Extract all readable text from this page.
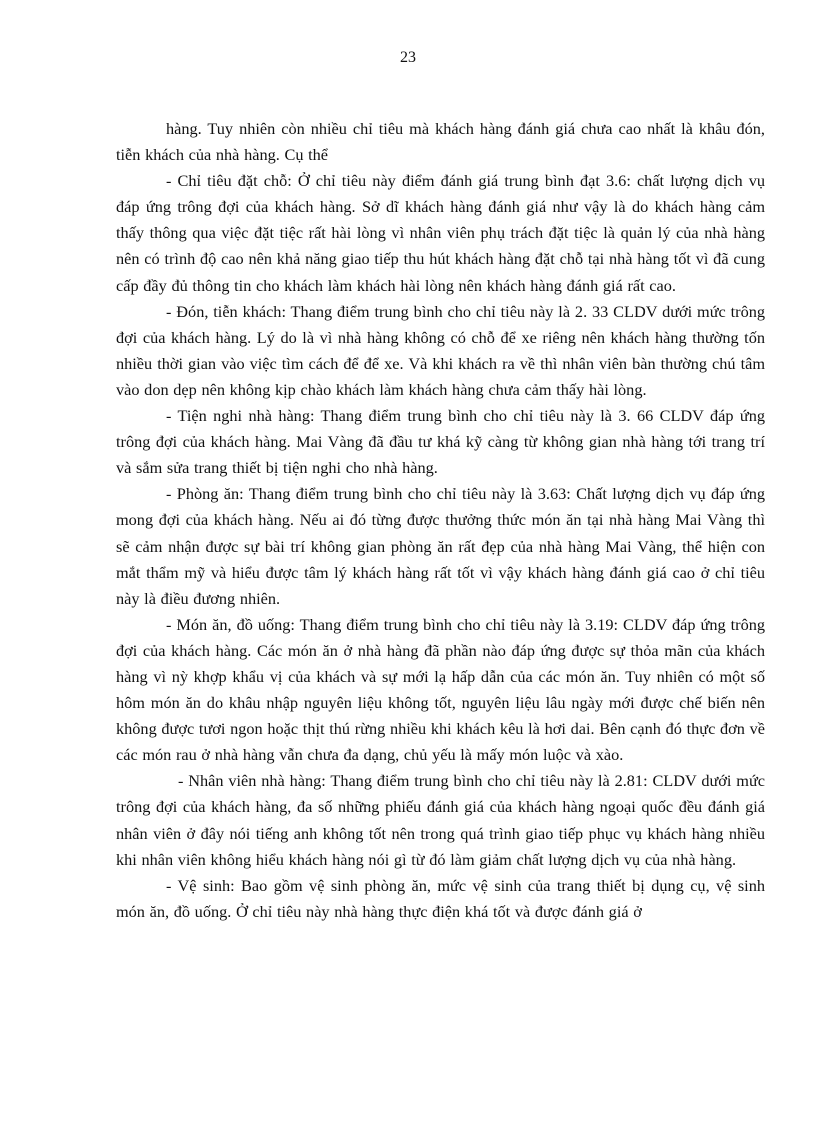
23

hàng. Tuy nhiên còn nhiều chỉ tiêu mà khách hàng đánh giá chưa cao nhất là khâu đón, tiễn khách của nhà hàng. Cụ thể

- Chỉ tiêu đặt chỗ: Ở chỉ tiêu này điểm đánh giá trung bình đạt 3.6: chất lượng dịch vụ đáp ứng trông đợi của khách hàng. Sở dĩ khách hàng đánh giá như vậy là do khách hàng cảm thấy thông qua việc đặt tiệc rất hài lòng vì nhân viên phụ trách đặt tiệc là quản lý của nhà hàng nên có trình độ cao nên khả năng giao tiếp thu hút khách hàng đặt chỗ tại nhà hàng tốt vì đã cung cấp đầy đủ thông tin cho khách làm khách hài lòng nên khách hàng đánh giá rất cao.

- Đón, tiễn khách: Thang điểm trung bình cho chỉ tiêu này là 2. 33 CLDV dưới mức trông đợi của khách hàng. Lý do là vì nhà hàng không có chỗ để xe riêng nên khách hàng thường tốn nhiều thời gian vào việc tìm cách để để xe. Và khi khách ra về thì nhân viên bàn thường chú tâm vào don dẹp nên không kịp chào khách làm khách hàng chưa cảm thấy hài lòng.

- Tiện nghi nhà hàng: Thang điểm trung bình cho chỉ tiêu này là 3. 66 CLDV đáp ứng trông đợi của khách hàng. Mai Vàng đã đầu tư khá kỹ càng từ không gian nhà hàng tới trang trí và sắm sửa trang thiết bị tiện nghi cho nhà hàng.

- Phòng ăn: Thang điểm trung bình cho chỉ tiêu này là 3.63: Chất lượng dịch vụ đáp ứng mong đợi của khách hàng. Nếu ai đó từng được thưởng thức món ăn tại nhà hàng Mai Vàng thì sẽ cảm nhận được sự bài trí không gian phòng ăn rất đẹp của nhà hàng Mai Vàng, thể hiện con mắt thẩm mỹ và hiểu được tâm lý khách hàng rất tốt vì vậy khách hàng đánh giá cao ở chỉ tiêu này là điều đương nhiên.

- Món ăn, đồ uống: Thang điểm trung bình cho chỉ tiêu này là 3.19: CLDV đáp ứng trông đợi của khách hàng. Các món ăn ở nhà hàng đã phần nào đáp ứng được sự thỏa mãn của khách hàng vì nỳ khợp khẩu vị của khách và sự mới lạ hấp dẫn của các món ăn. Tuy nhiên có một số hôm món ăn do khâu nhập nguyên liệu không tốt, nguyên liệu lâu ngày mới được chế biến nên không được tươi ngon hoặc thịt thú rừng nhiều khi khách kêu là hơi dai. Bên cạnh đó thực đơn về các món rau ở nhà hàng vẫn chưa đa dạng, chủ yếu là mấy món luộc và xào.

- Nhân viên nhà hàng: Thang điểm trung bình cho chỉ tiêu này là 2.81: CLDV dưới mức trông đợi của khách hàng, đa số những phiếu đánh giá của khách hàng ngoại quốc đều đánh giá nhân viên ở đây nói tiếng anh không tốt nên trong quá trình giao tiếp phục vụ khách hàng nhiều khi nhân viên không hiểu khách hàng nói gì từ đó làm giảm chất lượng dịch vụ của nhà hàng.

- Vệ sinh: Bao gồm vệ sinh phòng ăn, mức vệ sinh của trang thiết bị dụng cụ, vệ sinh món ăn, đồ uống. Ở chỉ tiêu này nhà hàng thực điện khá tốt và được đánh giá ở
